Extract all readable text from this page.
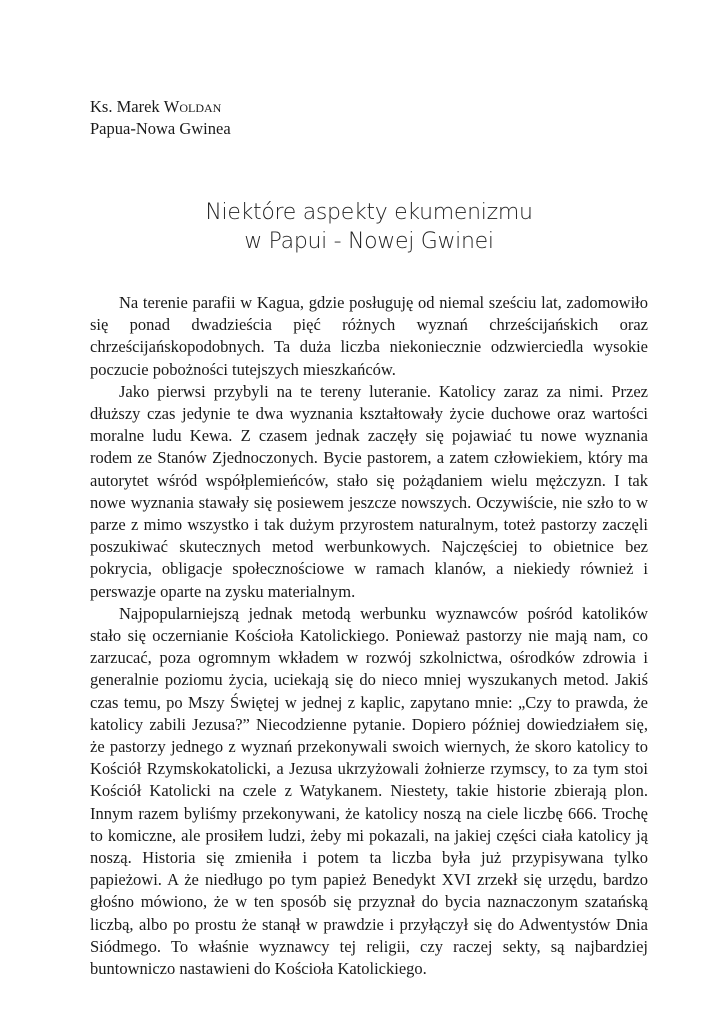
Ks. Marek Woldan

Papua-Nowa Gwinea

Niektóre aspekty ekumenizmu
w Papui - Nowej Gwinei

Na terenie parafii w Kagua, gdzie posługuję od niemal sześciu lat, zadomowiło się ponad dwadzieścia pięć różnych wyznań chrześcijańskich oraz chrześcijańskopodobnych. Ta duża liczba niekoniecznie odzwierciedla wysokie poczucie pobożności tutejszych mieszkańców.

Jako pierwsi przybyli na te tereny luteranie. Katolicy zaraz za nimi. Przez dłuższy czas jedynie te dwa wyznania kształtowały życie duchowe oraz wartości moralne ludu Kewa. Z czasem jednak zaczęły się pojawiać tu nowe wyznania rodem ze Stanów Zjednoczonych. Bycie pastorem, a zatem człowiekiem, który ma autorytet wśród współplemieńców, stało się pożądaniem wielu mężczyzn. I tak nowe wyznania stawały się posiewem jeszcze nowszych. Oczywiście, nie szło to w parze z mimo wszystko i tak dużym przyrostem naturalnym, toteż pastorzy zaczęli poszukiwać skutecznych metod werbunkowych. Najczęściej to obietnice bez pokrycia, obligacje społecznościowe w ramach klanów, a niekiedy również i perswazje oparte na zysku materialnym.

Najpopularniejszą jednak metodą werbunku wyznawców pośród katolików stało się oczernianie Kościoła Katolickiego. Ponieważ pastorzy nie mają nam, co zarzucać, poza ogromnym wkładem w rozwój szkolnictwa, ośrodków zdrowia i generalnie poziomu życia, uciekają się do nieco mniej wyszukanych metod. Jakiś czas temu, po Mszy Świętej w jednej z kaplic, zapytano mnie: „Czy to prawda, że katolicy zabili Jezusa?” Niecodzienne pytanie. Dopiero później dowiedziałem się, że pastorzy jednego z wyznań przekonywali swoich wiernych, że skoro katolicy to Kościół Rzymskokatolicki, a Jezusa ukrzyżowali żołnierze rzymscy, to za tym stoi Kościół Katolicki na czele z Watykanem. Niestety, takie historie zbierają plon. Innym razem byliśmy przekonywani, że katolicy noszą na ciele liczbę 666. Trochę to komiczne, ale prosiłem ludzi, żeby mi pokazali, na jakiej części ciała katolicy ją noszą. Historia się zmieniła i potem ta liczba była już przypisywana tylko papieżowi. A że niedługo po tym papież Benedykt XVI zrzekł się urzędu, bardzo głośno mówiono, że w ten sposób się przyznał do bycia naznaczonym szatańską liczbą, albo po prostu że stanął w prawdzie i przyłączył się do Adwentystów Dnia Siódmego. To właśnie wyznawcy tej religii, czy raczej sekty, są najbardziej buntowniczo nastawieni do Kościoła Katolickiego.
